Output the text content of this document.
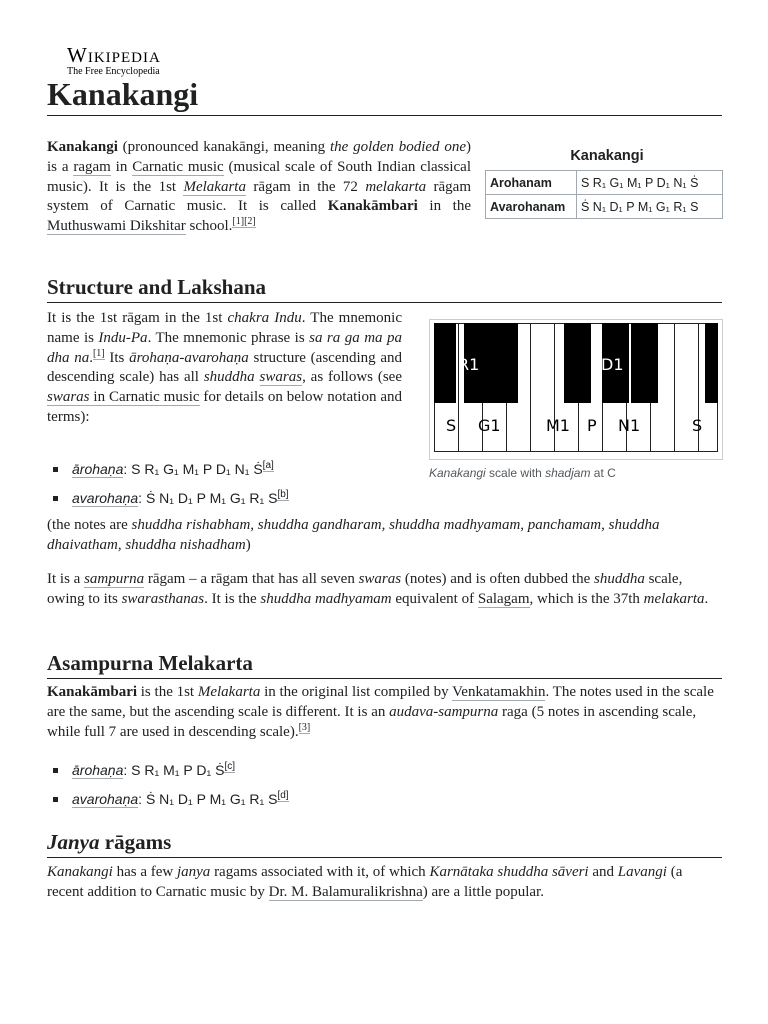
Wikipedia
The Free Encyclopedia
Kanakangi

Kanakangi (pronounced kanakāngi, meaning the golden bodied one) is a ragam in Carnatic music (musical scale of South Indian classical music). It is the 1st Melakarta rāgam in the 72 melakarta rāgam system of Carnatic music. It is called Kanakāmbari in the Muthuswami Dikshitar school.[1][2]

Kanakangi
Arohanam	S R₁ G₁ M₁ P D₁ N₁ Ṡ
Avarohanam	Ṡ N₁ D₁ P M₁ G₁ R₁ S
Structure and Lakshana

It is the 1st rāgam in the 1st chakra Indu. The mnemonic name is Indu-Pa. The mnemonic phrase is sa ra ga ma pa dha na.[1] Its ārohaṇa-avarohaṇa structure (ascending and descending scale) has all shuddha swaras, as follows (see swaras in Carnatic music for details on below notation and terms):

R1	D1
S G1	M1 P N1	S
Kanakangi scale with shadjam at C
ārohaṇa: S R₁ G₁ M₁ P D₁ N₁ Ṡ[a]
avarohaṇa: Ṡ N₁ D₁ P M₁ G₁ R₁ S[b]

(the notes are shuddha rishabham, shuddha gandharam, shuddha madhyamam, panchamam, shuddha dhaivatham, shuddha nishadham)

It is a sampurna rāgam – a rāgam that has all seven swaras (notes) and is often dubbed the shuddha scale, owing to its swarasthanas. It is the shuddha madhyamam equivalent of Salagam, which is the 37th melakarta.

Asampurna Melakarta

Kanakāmbari is the 1st Melakarta in the original list compiled by Venkatamakhin. The notes used in the scale are the same, but the ascending scale is different. It is an audava-sampurna raga (5 notes in ascending scale, while full 7 are used in descending scale).[3]

ārohaṇa: S R₁ M₁ P D₁ Ṡ[c]
avarohaṇa: Ṡ N₁ D₁ P M₁ G₁ R₁ S[d]
Janya rāgams

Kanakangi has a few janya ragams associated with it, of which Karnātaka shuddha sāveri and Lavangi (a recent addition to Carnatic music by Dr. M. Balamuralikrishna) are a little popular.
